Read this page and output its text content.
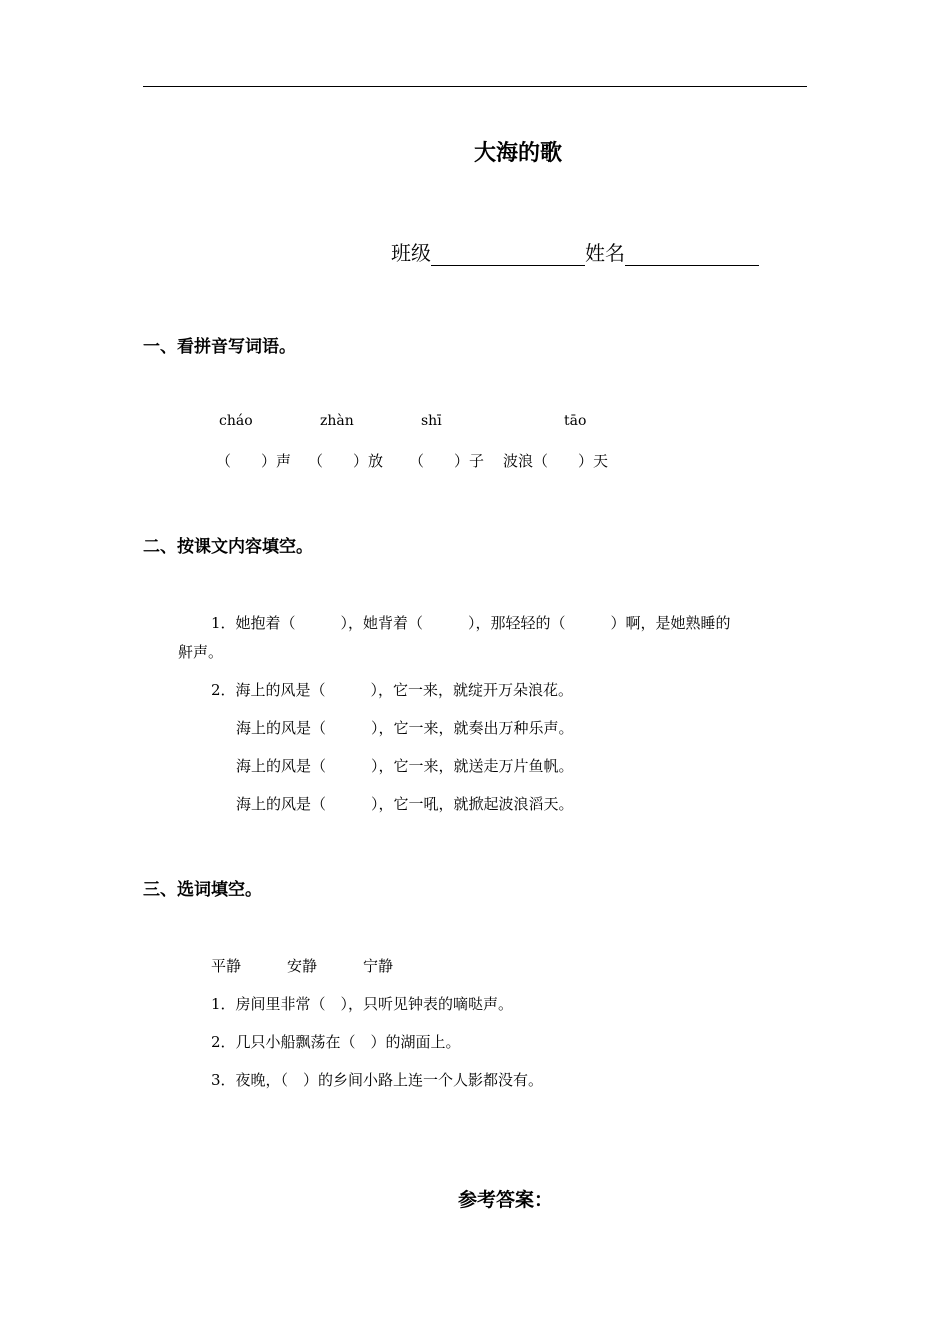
大海的歌
班级	姓名
一、看拼音写词语。
cháo	zhàn	shī	tāo
（　　）声 （　　）放 （　　）子 波浪（　　）天
二、按课文内容填空。
1．她抱着（　　　），她背着（　　　），那轻轻的（　　　）啊，是她熟睡的
鼾声。
2．海上的风是（　　　），它一来，就绽开万朵浪花。
海上的风是（　　　），它一来，就奏出万种乐声。
海上的风是（　　　），它一来，就送走万片鱼帆。
海上的风是（　　　），它一吼，就掀起波浪滔天。
三、选词填空。
平静	安静	宁静
1．房间里非常（　），只听见钟表的嘀哒声。
2．几只小船飘荡在（　）的湖面上。
3．夜晚，（　）的乡间小路上连一个人影都没有。
参考答案：
